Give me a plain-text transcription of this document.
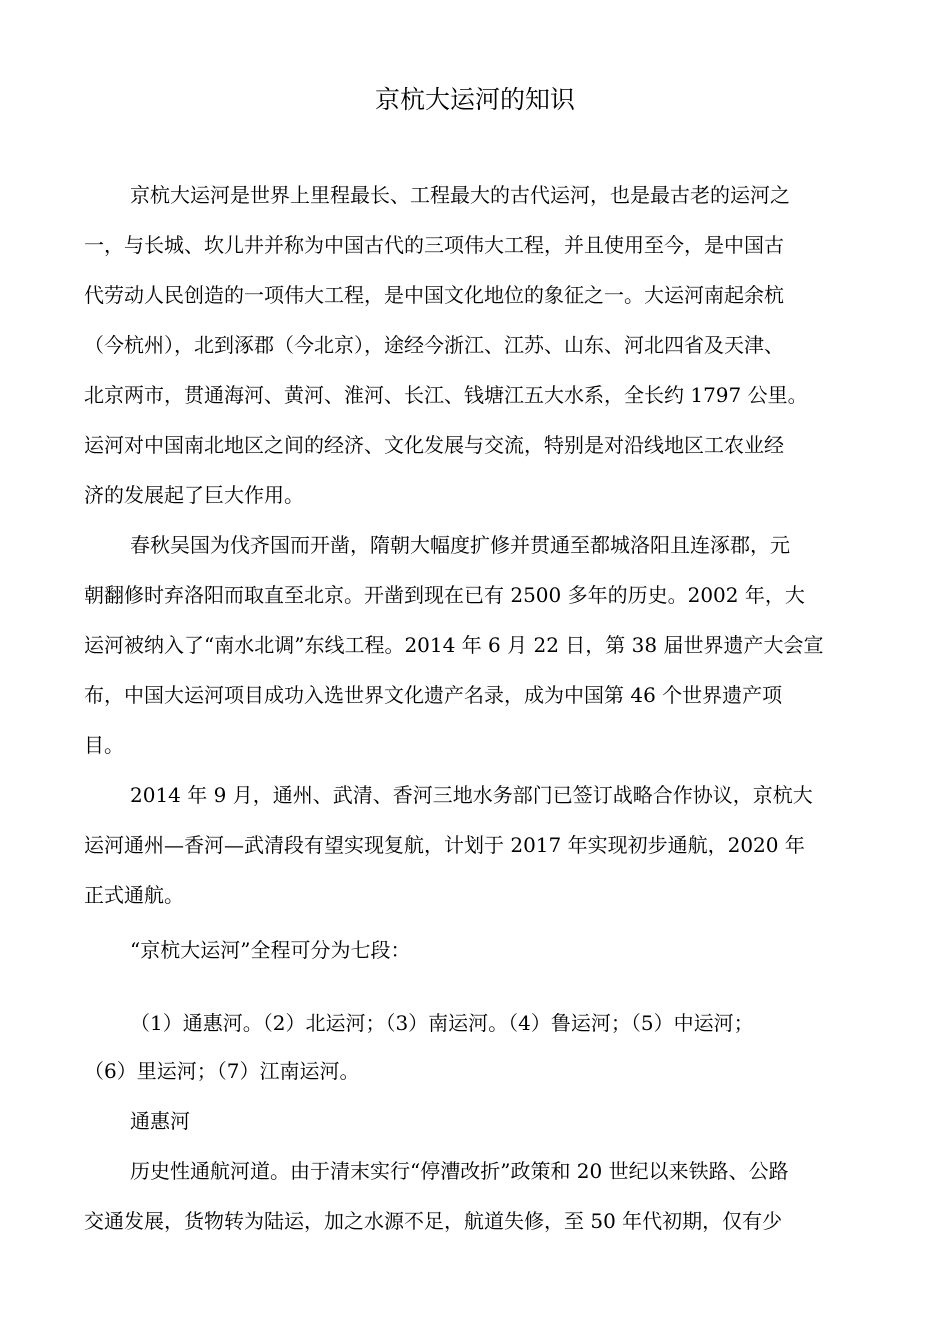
京杭大运河的知识
京杭大运河是世界上里程最长、工程最大的古代运河，也是最古老的运河之
一，与长城、坎儿井并称为中国古代的三项伟大工程，并且使用至今，是中国古
代劳动人民创造的一项伟大工程，是中国文化地位的象征之一。大运河南起余杭
（今杭州），北到涿郡（今北京），途经今浙江、江苏、山东、河北四省及天津、
北京两市，贯通海河、黄河、淮河、长江、钱塘江五大水系，全长约 1797 公里。
运河对中国南北地区之间的经济、文化发展与交流，特别是对沿线地区工农业经
济的发展起了巨大作用。
春秋吴国为伐齐国而开凿，隋朝大幅度扩修并贯通至都城洛阳且连涿郡，元
朝翻修时弃洛阳而取直至北京。开凿到现在已有 2500 多年的历史。2002 年，大
运河被纳入了“南水北调”东线工程。2014 年 6 月 22 日，第 38 届世界遗产大会宣
布，中国大运河项目成功入选世界文化遗产名录，成为中国第 46 个世界遗产项
目。
2014 年 9 月，通州、武清、香河三地水务部门已签订战略合作协议，京杭大
运河通州—香河—武清段有望实现复航，计划于 2017 年实现初步通航，2020 年
正式通航。
“京杭大运河”全程可分为七段：
（1）通惠河。（2）北运河；（3）南运河。（4）鲁运河；（5）中运河；
（6）里运河；（7）江南运河。
通惠河
历史性通航河道。由于清末实行“停漕改折”政策和 20 世纪以来铁路、公路
交通发展，货物转为陆运，加之水源不足，航道失修，至 50 年代初期，仅有少
